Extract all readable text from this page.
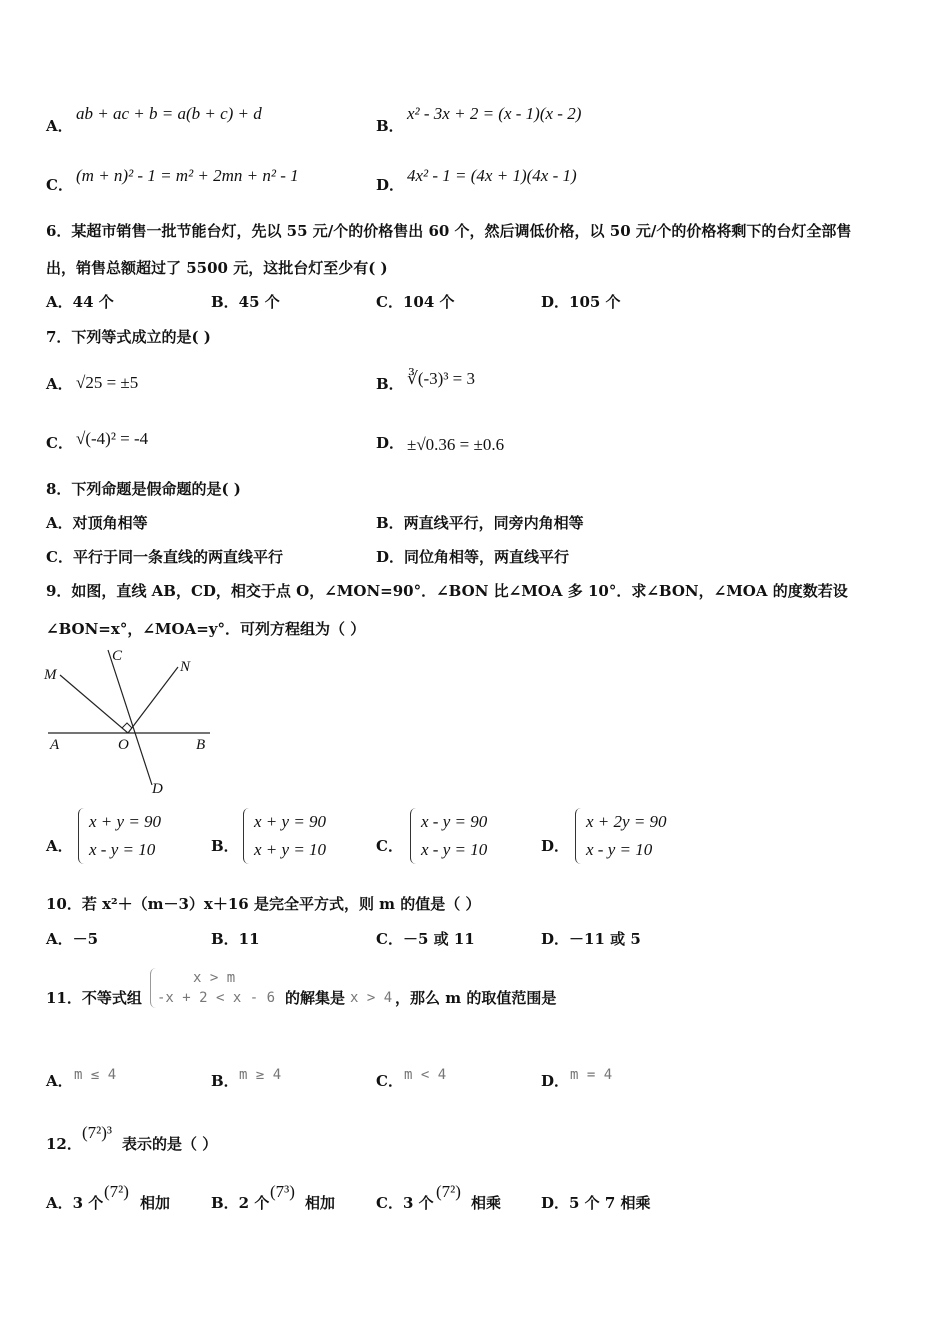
A．
ab + ac + b = a(b + c) + d
B．
x² - 3x + 2 = (x - 1)(x - 2)
C． (m + n)² - 1 = m² + 2mn + n² - 1	D． 4x² - 1 = (4x + 1)(4x - 1)
6．某超市销售一批节能台灯，先以 55 元/个的价格售出 60 个，然后调低价格，以 50 元/个的价格将剩下的台灯全部售
出，销售总额超过了 5500 元，这批台灯至少有( )
A．44 个	B．45 个	C．104 个	D．105 个
7．下列等式成立的是( )
A． √25 = ±5	B． ∛(-3)³ = 3
C． √(-4)² = -4	D． ±√0.36 = ±0.6
8．下列命题是假命题的是( )
A．对顶角相等	B．两直线平行，同旁内角相等
C．平行于同一条直线的两直线平行	D．同位角相等，两直线平行
9．如图，直线 AB，CD，相交于点 O，∠MON=90°．∠BON 比∠MOA 多 10°．求∠BON，∠MOA 的度数若设
∠BON=x°，∠MOA=y°．可列方程组为（ ）
M
C
N
A	O	B
D
A．
x + y = 90
x - y = 10	B．
x + y = 90
x + y = 10	C．
x - y = 90
x - y = 10	D．
x + 2y = 90
x - y = 10
10．若 x²＋（m－3）x＋16 是完全平方式，则 m 的值是（ ）
A．－5	B．11	C．－5 或 11	D．－11 或 5
11．不等式组
x > m
-x + 2 < x - 6 的解集是 x > 4 ，那么 m 的取值范围是
A． m ≤ 4	B． m ≥ 4	C． m < 4	D． m = 4
12．
(7²)³
表示的是（ ）
A．3 个
(7²)
相加	B．2 个
(7³)
相加	C．3 个
(7²)
相乘	D．5 个 7 相乘
